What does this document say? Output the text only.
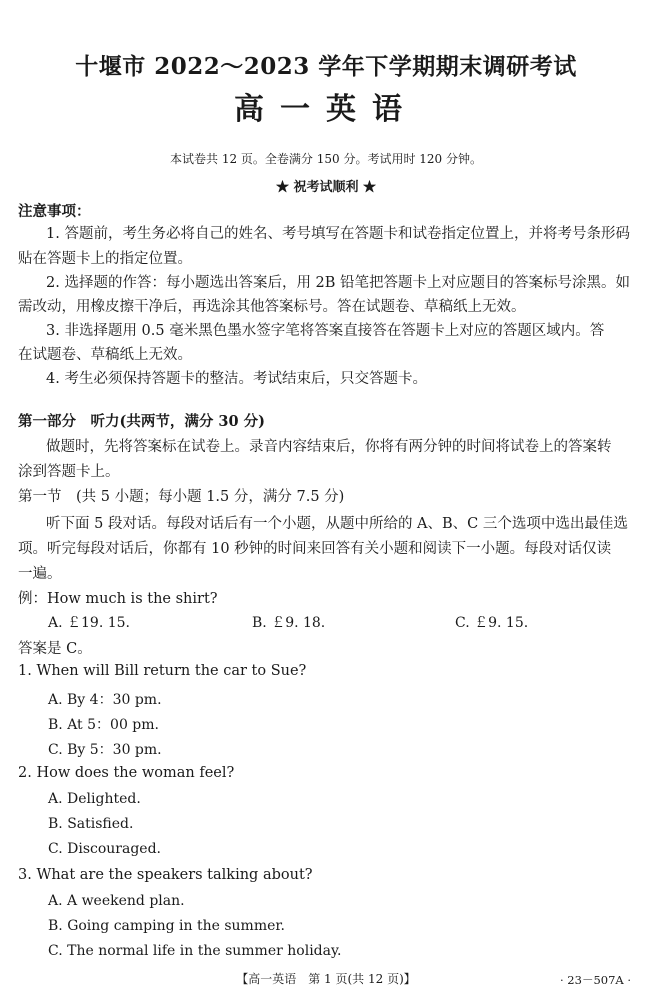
十堰市 2022～2023 学年下学期期末调研考试
高一英语
本试卷共 12 页。全卷满分 150 分。考试用时 120 分钟。
★ 祝考试顺利 ★
注意事项：
1. 答题前，考生务必将自己的姓名、考号填写在答题卡和试卷指定位置上，并将考号条形码
贴在答题卡上的指定位置。
2. 选择题的作答：每小题选出答案后，用 2B 铅笔把答题卡上对应题目的答案标号涂黑。如
需改动，用橡皮擦干净后，再选涂其他答案标号。答在试题卷、草稿纸上无效。
3. 非选择题用 0.5 毫米黑色墨水签字笔将答案直接答在答题卡上对应的答题区域内。答
在试题卷、草稿纸上无效。
4. 考生必须保持答题卡的整洁。考试结束后，只交答题卡。
第一部分　听力(共两节，满分 30 分)
做题时，先将答案标在试卷上。录音内容结束后，你将有两分钟的时间将试卷上的答案转
涂到答题卡上。
第一节　(共 5 小题；每小题 1.5 分，满分 7.5 分)
听下面 5 段对话。每段对话后有一个小题，从题中所给的 A、B、C 三个选项中选出最佳选
项。听完每段对话后，你都有 10 秒钟的时间来回答有关小题和阅读下一小题。每段对话仅读
一遍。
例：How much is the shirt?
A. ￡19. 15.	B. ￡9. 18.	C. ￡9. 15.
答案是 C。
1. When will Bill return the car to Sue?
A. By 4：30 pm.
B. At 5：00 pm.
C. By 5：30 pm.
2. How does the woman feel?
A. Delighted.
B. Satisfied.
C. Discouraged.
3. What are the speakers talking about?
A. A weekend plan.
B. Going camping in the summer.
C. The normal life in the summer holiday.
【高一英语　第 1 页(共 12 页)】	· 23－507A ·
